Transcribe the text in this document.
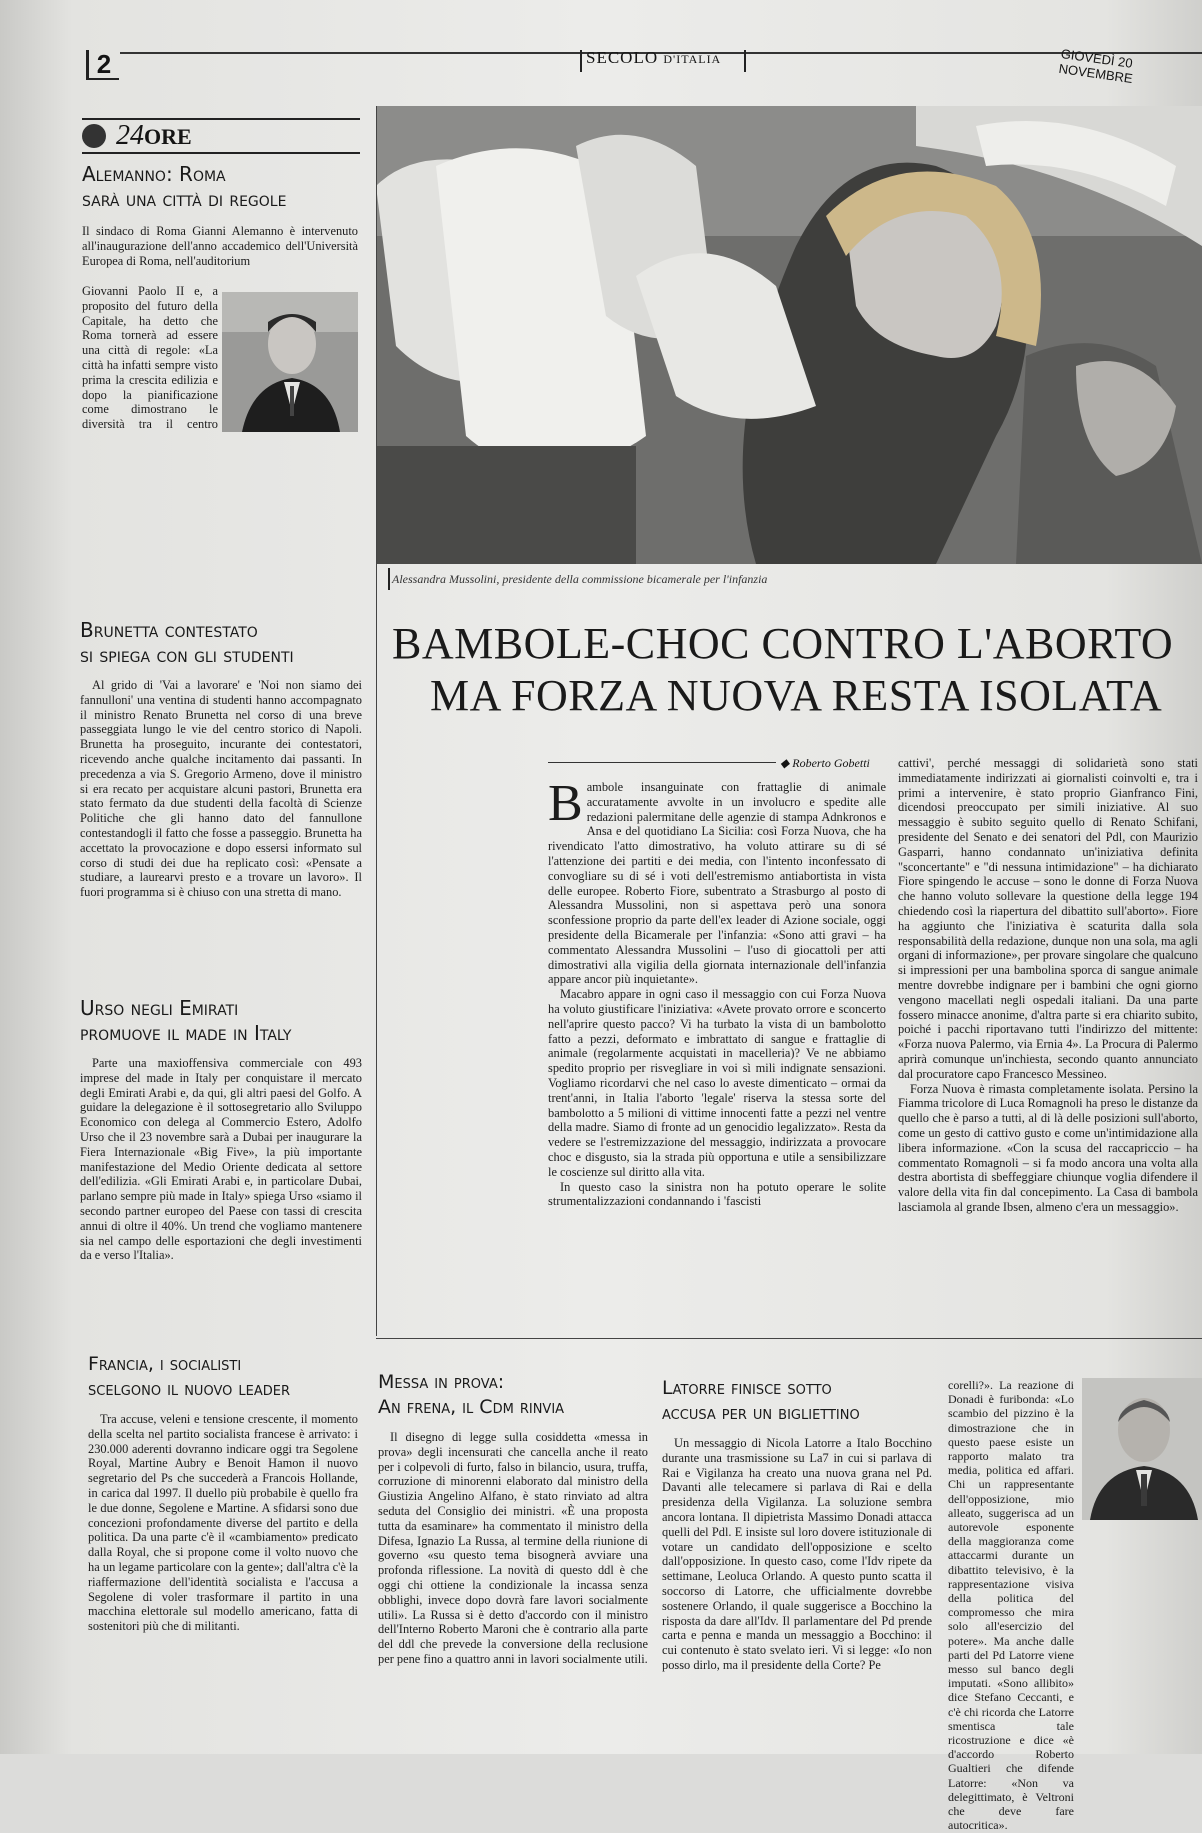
2	SECOLO D'ITALIA	GIOVEDÌ 20 NOVEMBRE
24ORE
Alemanno: Roma
sarà una città di regole
Il sindaco di Roma Gianni Alemanno è intervenuto all'inaugurazione dell'anno accademico dell'Università Europea di Roma, nell'auditorium
Giovanni Paolo II e, a proposito del futuro della Capitale, ha detto che Roma tornerà ad essere una città di regole: «La città ha infatti sempre visto prima la crescita edilizia e dopo la pianificazione come dimostrano le diversità tra il centro
Brunetta contestato
si spiega con gli studenti

Al grido di 'Vai a lavorare' e 'Noi non siamo dei fannulloni' una ventina di studenti hanno accompagnato il ministro Renato Brunetta nel corso di una breve passeggiata lungo le vie del centro storico di Napoli. Brunetta ha proseguito, incurante dei contestatori, ricevendo anche qualche incitamento dai passanti. In precedenza a via S. Gregorio Armeno, dove il ministro si era recato per acquistare alcuni pastori, Brunetta era stato fermato da due studenti della facoltà di Scienze Politiche che gli hanno dato del fannullone contestandogli il fatto che fosse a passeggio. Brunetta ha accettato la provocazione e dopo essersi informato sul corso di studi dei due ha replicato così: «Pensate a studiare, a laurearvi presto e a trovare un lavoro». Il fuori programma si è chiuso con una stretta di mano.

Urso negli Emirati
promuove il made in Italy

Parte una maxioffensiva commerciale con 493 imprese del made in Italy per conquistare il mercato degli Emirati Arabi e, da qui, gli altri paesi del Golfo. A guidare la delegazione è il sottosegretario allo Sviluppo Economico con delega al Commercio Estero, Adolfo Urso che il 23 novembre sarà a Dubai per inaugurare la Fiera Internazionale «Big Five», la più importante manifestazione del Medio Oriente dedicata al settore dell'edilizia. «Gli Emirati Arabi e, in particolare Dubai, parlano sempre più made in Italy» spiega Urso «siamo il secondo partner europeo del Paese con tassi di crescita annui di oltre il 40%. Un trend che vogliamo mantenere sia nel campo delle esportazioni che degli investimenti da e verso l'Italia».

Alessandra Mussolini, presidente della commissione bicamerale per l'infanzia
BAMBOLE-CHOC CONTRO L'ABORTO
MA FORZA NUOVA RESTA ISOLATA
◆ Roberto Gobetti
Bambole insanguinate con frattaglie di animale accuratamente avvolte in un involucro e spedite alle redazioni palermitane delle agenzie di stampa Adnkronos e Ansa e del quotidiano La Sicilia: così Forza Nuova, che ha rivendicato l'atto dimostrativo, ha voluto attirare su di sé l'attenzione dei partiti e dei media, con l'intento inconfessato di convogliare su di sé i voti dell'estremismo antiabortista in vista delle europee. Roberto Fiore, subentrato a Strasburgo al posto di Alessandra Mussolini, non si aspettava però una sonora sconfessione proprio da parte dell'ex leader di Azione sociale, oggi presidente della Bicamerale per l'infanzia: «Sono atti gravi – ha commentato Alessandra Mussolini – l'uso di giocattoli per atti dimostrativi alla vigilia della giornata internazionale dell'infanzia appare ancor più inquietante».

Macabro appare in ogni caso il messaggio con cui Forza Nuova ha voluto giustificare l'iniziativa: «Avete provato orrore e sconcerto nell'aprire questo pacco? Vi ha turbato la vista di un bambolotto fatto a pezzi, deformato e imbrattato di sangue e frattaglie di animale (regolarmente acquistati in macelleria)? Ve ne abbiamo spedito proprio per risvegliare in voi sì mili indignate sensazioni. Vogliamo ricordarvi che nel caso lo aveste dimenticato – ormai da trent'anni, in Italia l'aborto 'legale' riserva la stessa sorte del bambolotto a 5 milioni di vittime innocenti fatte a pezzi nel ventre della madre. Siamo di fronte ad un genocidio legalizzato». Resta da vedere se l'estremizzazione del messaggio, indirizzata a provocare choc e disgusto, sia la strada più opportuna e utile a sensibilizzare le coscienze sul diritto alla vita.

In questo caso la sinistra non ha potuto operare le solite strumentalizzazioni condannando i 'fascisti

cattivi', perché messaggi di solidarietà sono stati immediatamente indirizzati ai giornalisti coinvolti e, tra i primi a intervenire, è stato proprio Gianfranco Fini, dicendosi preoccupato per simili iniziative. Al suo messaggio è subito seguito quello di Renato Schifani, presidente del Senato e dei senatori del Pdl, con Maurizio Gasparri, hanno condannato un'iniziativa definita "sconcertante" e "di nessuna intimidazione" – ha dichiarato Fiore spingendo le accuse – sono le donne di Forza Nuova che hanno voluto sollevare la questione della legge 194 chiedendo così la riapertura del dibattito sull'aborto». Fiore ha aggiunto che l'iniziativa è scaturita dalla sola responsabilità della redazione, dunque non una sola, ma agli organi di informazione», per provare singolare che qualcuno si impressioni per una bambolina sporca di sangue animale mentre dovrebbe indignare per i bambini che ogni giorno vengono macellati negli ospedali italiani. Da una parte fossero minacce anonime, d'altra parte si era chiarito subito, poiché i pacchi riportavano tutti l'indirizzo del mittente: «Forza nuova Palermo, via Ernia 4». La Procura di Palermo aprirà comunque un'inchiesta, secondo quanto annunciato dal procuratore capo Francesco Messineo.

Forza Nuova è rimasta completamente isolata. Persino la Fiamma tricolore di Luca Romagnoli ha preso le distanze da quello che è parso a tutti, al di là delle posizioni sull'aborto, come un gesto di cattivo gusto e come un'intimidazione alla libera informazione. «Con la scusa del raccapriccio – ha commentato Romagnoli – si fa modo ancora una volta alla destra abortista di sbeffeggiare chiunque voglia difendere il valore della vita fin dal concepimento. La Casa di bambola lasciamola al grande Ibsen, almeno c'era un messaggio».

Francia, i socialisti
scelgono il nuovo leader

Tra accuse, veleni e tensione crescente, il momento della scelta nel partito socialista francese è arrivato: i 230.000 aderenti dovranno indicare oggi tra Segolene Royal, Martine Aubry e Benoit Hamon il nuovo segretario del Ps che succederà a Francois Hollande, in carica dal 1997. Il duello più probabile è quello fra le due donne, Segolene e Martine. A sfidarsi sono due concezioni profondamente diverse del partito e della politica. Da una parte c'è il «cambiamento» predicato dalla Royal, che si propone come il volto nuovo che ha un legame particolare con la gente»; dall'altra c'è la riaffermazione dell'identità socialista e l'accusa a Segolene di voler trasformare il partito in una macchina elettorale sul modello americano, fatta di sostenitori più che di militanti.

Messa in prova:
An frena, il Cdm rinvia

Il disegno di legge sulla cosiddetta «messa in prova» degli incensurati che cancella anche il reato per i colpevoli di furto, falso in bilancio, usura, truffa, corruzione di minorenni elaborato dal ministro della Giustizia Angelino Alfano, è stato rinviato ad altra seduta del Consiglio dei ministri. «È una proposta tutta da esaminare» ha commentato il ministro della Difesa, Ignazio La Russa, al termine della riunione di governo «su questo tema bisognerà avviare una profonda riflessione. La novità di questo ddl è che oggi chi ottiene la condizionale la incassa senza obblighi, invece dopo dovrà fare lavori socialmente utili». La Russa si è detto d'accordo con il ministro dell'Interno Roberto Maroni che è contrario alla parte del ddl che prevede la conversione della reclusione per pene fino a quattro anni in lavori socialmente utili.

Latorre finisce sotto
accusa per un bigliettino

Un messaggio di Nicola Latorre a Italo Bocchino durante una trasmissione su La7 in cui si parlava di Rai e Vigilanza ha creato una nuova grana nel Pd. Davanti alle telecamere si parlava di Rai e della presidenza della Vigilanza. La soluzione sembra ancora lontana. Il dipietrista Massimo Donadi attacca quelli del Pdl. E insiste sul loro dovere istituzionale di votare un candidato dell'opposizione e scelto dall'opposizione. In questo caso, come l'Idv ripete da settimane, Leoluca Orlando. A questo punto scatta il soccorso di Latorre, che ufficialmente dovrebbe sostenere Orlando, il quale suggerisce a Bocchino la risposta da dare all'Idv. Il parlamentare del Pd prende carta e penna e manda un messaggio a Bocchino: il cui contenuto è stato svelato ieri. Vi si legge: «Io non posso dirlo, ma il presidente della Corte? Pe

corelli?». La reazione di Donadi è furibonda: «Lo scambio del pizzino è la dimostrazione che in questo paese esiste un rapporto malato tra media, politica ed affari. Chi un rappresentante dell'opposizione, mio alleato, suggerisca ad un autorevole esponente della maggioranza come attaccarmi durante un dibattito televisivo, è la rappresentazione visiva della politica del compromesso che mira solo all'esercizio del potere». Ma anche dalle parti del Pd Latorre viene messo sul banco degli imputati. «Sono allibito» dice Stefano Ceccanti, e c'è chi ricorda che Latorre smentisca tale ricostruzione e dice «è d'accordo Roberto Gualtieri che difende Latorre: «Non va delegittimato, è Veltroni che deve fare autocritica».
